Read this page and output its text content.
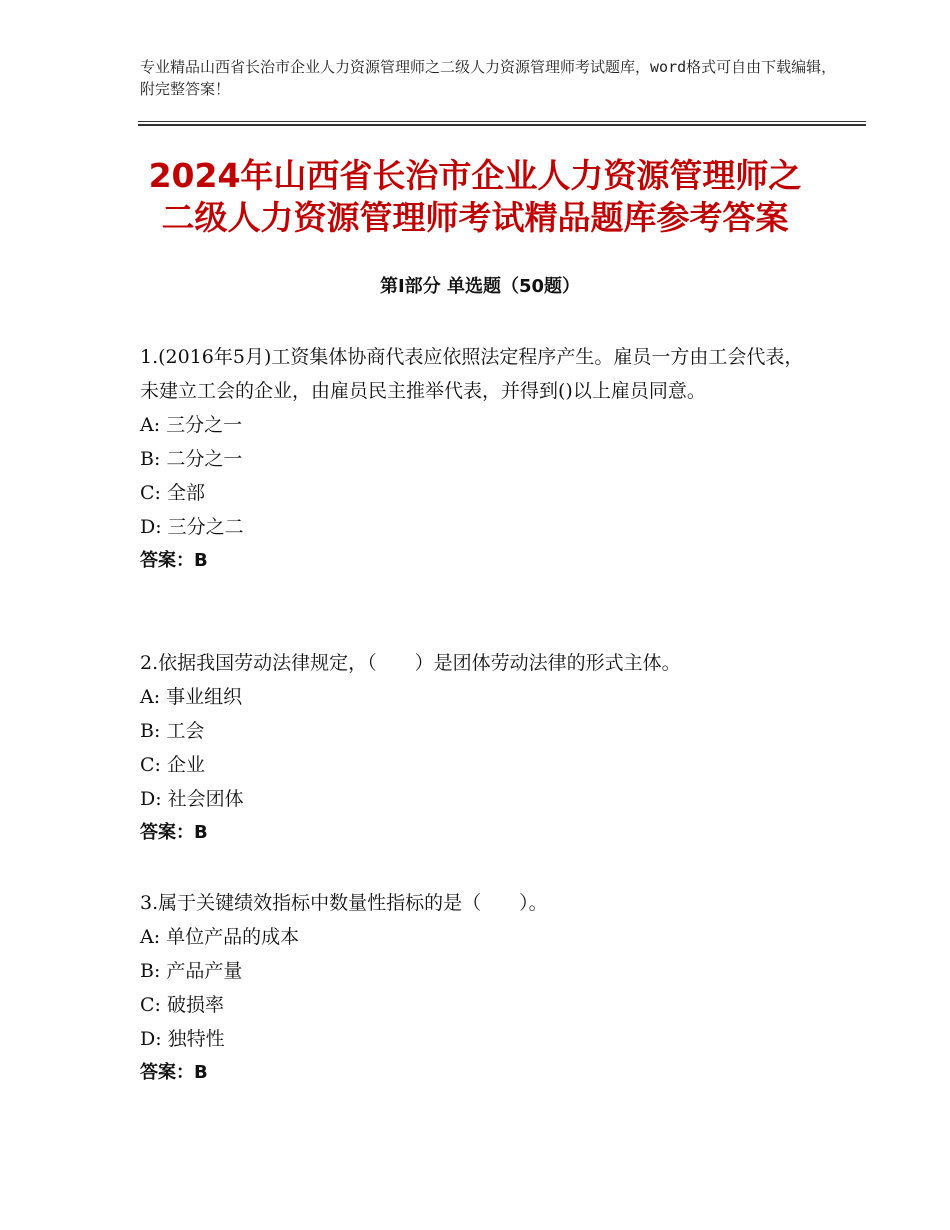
专业精品山西省长治市企业人力资源管理师之二级人力资源管理师考试题库，word格式可自由下载编辑，附完整答案！
2024年山西省长治市企业人力资源管理师之
二级人力资源管理师考试精品题库参考答案
第I部分 单选题（50题）
1.(2016年5月)工资集体协商代表应依照法定程序产生。雇员一方由工会代表，未建立工会的企业，由雇员民主推举代表，并得到()以上雇员同意。
A: 三分之一
B: 二分之一
C: 全部
D: 三分之二
答案：B
2.依据我国劳动法律规定，（　　）是团体劳动法律的形式主体。
A: 事业组织
B: 工会
C: 企业
D: 社会团体
答案：B
3.属于关键绩效指标中数量性指标的是（　　）。
A: 单位产品的成本
B: 产品产量
C: 破损率
D: 独特性
答案：B
